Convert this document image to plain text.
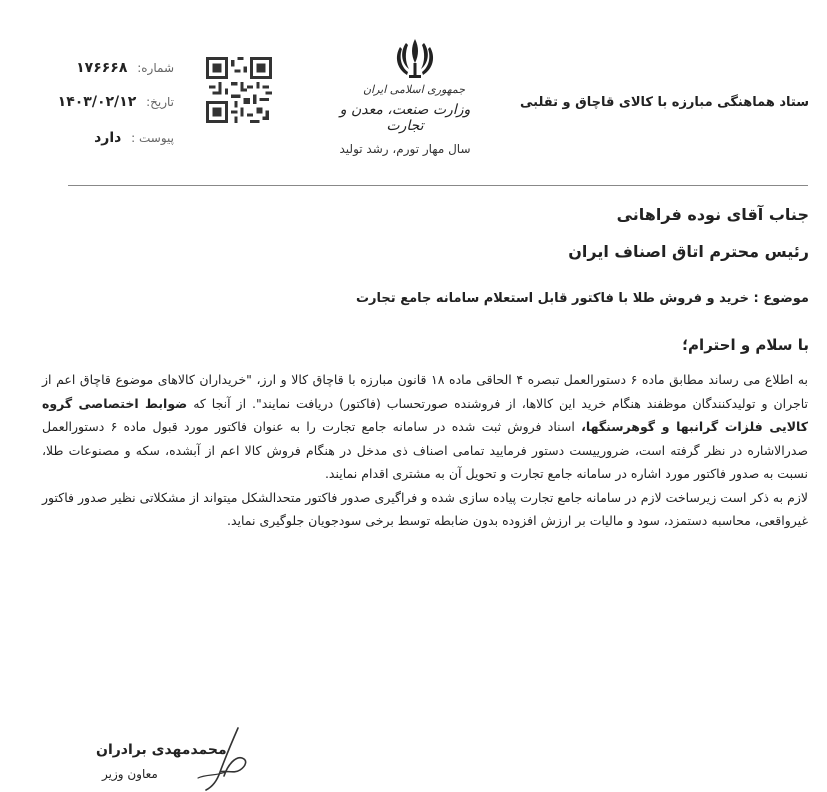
شماره: ۱۷۶۶۶۸
تاریخ: ۱۴۰۳/۰۲/۱۲
پیوست : دارد
جمهوری اسلامی ایران
وزارت صنعت، معدن و تجارت
سال مهار تورم، رشد تولید
ستاد هماهنگی مبارزه با کالای قاچاق و تقلبی
جناب آقای نوده فراهانی
رئیس محترم اتاق اصناف ایران
موضوع : خرید و فروش طلا با فاکتور قابل استعلام سامانه جامع تجارت
با سلام و احترام؛

به اطلاع می رساند مطابق ماده ۶ دستورالعمل تبصره ۴ الحاقی ماده ۱۸ قانون مبارزه با قاچاق کالا و ارز، "خریداران کالاهای موضوع قاچاق اعم از تاجران و تولیدکنندگان موظفند هنگام خرید این کالاها، از فروشنده صورتحساب (فاکتور) دریافت نمایند". از آنجا که ضوابط اختصاصی گروه کالایی فلزات گرانبها و گوهرسنگها، اسناد فروش ثبت شده در سامانه جامع تجارت را به عنوان فاکتور مورد قبول ماده ۶ دستورالعمل صدرالاشاره در نظر گرفته است، ضرورییست دستور فرمایید تمامی اصناف ذی مدخل در هنگام فروش کالا اعم از آبشده، سکه و مصنوعات طلا، نسبت به صدور فاکتور مورد اشاره در سامانه جامع تجارت و تحویل آن به مشتری اقدام نمایند.

لازم به ذکر است زیرساخت لازم در سامانه جامع تجارت پیاده سازی شده و فراگیری صدور فاکتور متحدالشکل میتواند از مشکلاتی نظیر صدور فاکتور غیرواقعی، محاسبه دستمزد، سود و مالیات بر ارزش افزوده بدون ضابطه توسط برخی سودجویان جلوگیری نماید.

محمدمهدی برادران
معاون وزیر
